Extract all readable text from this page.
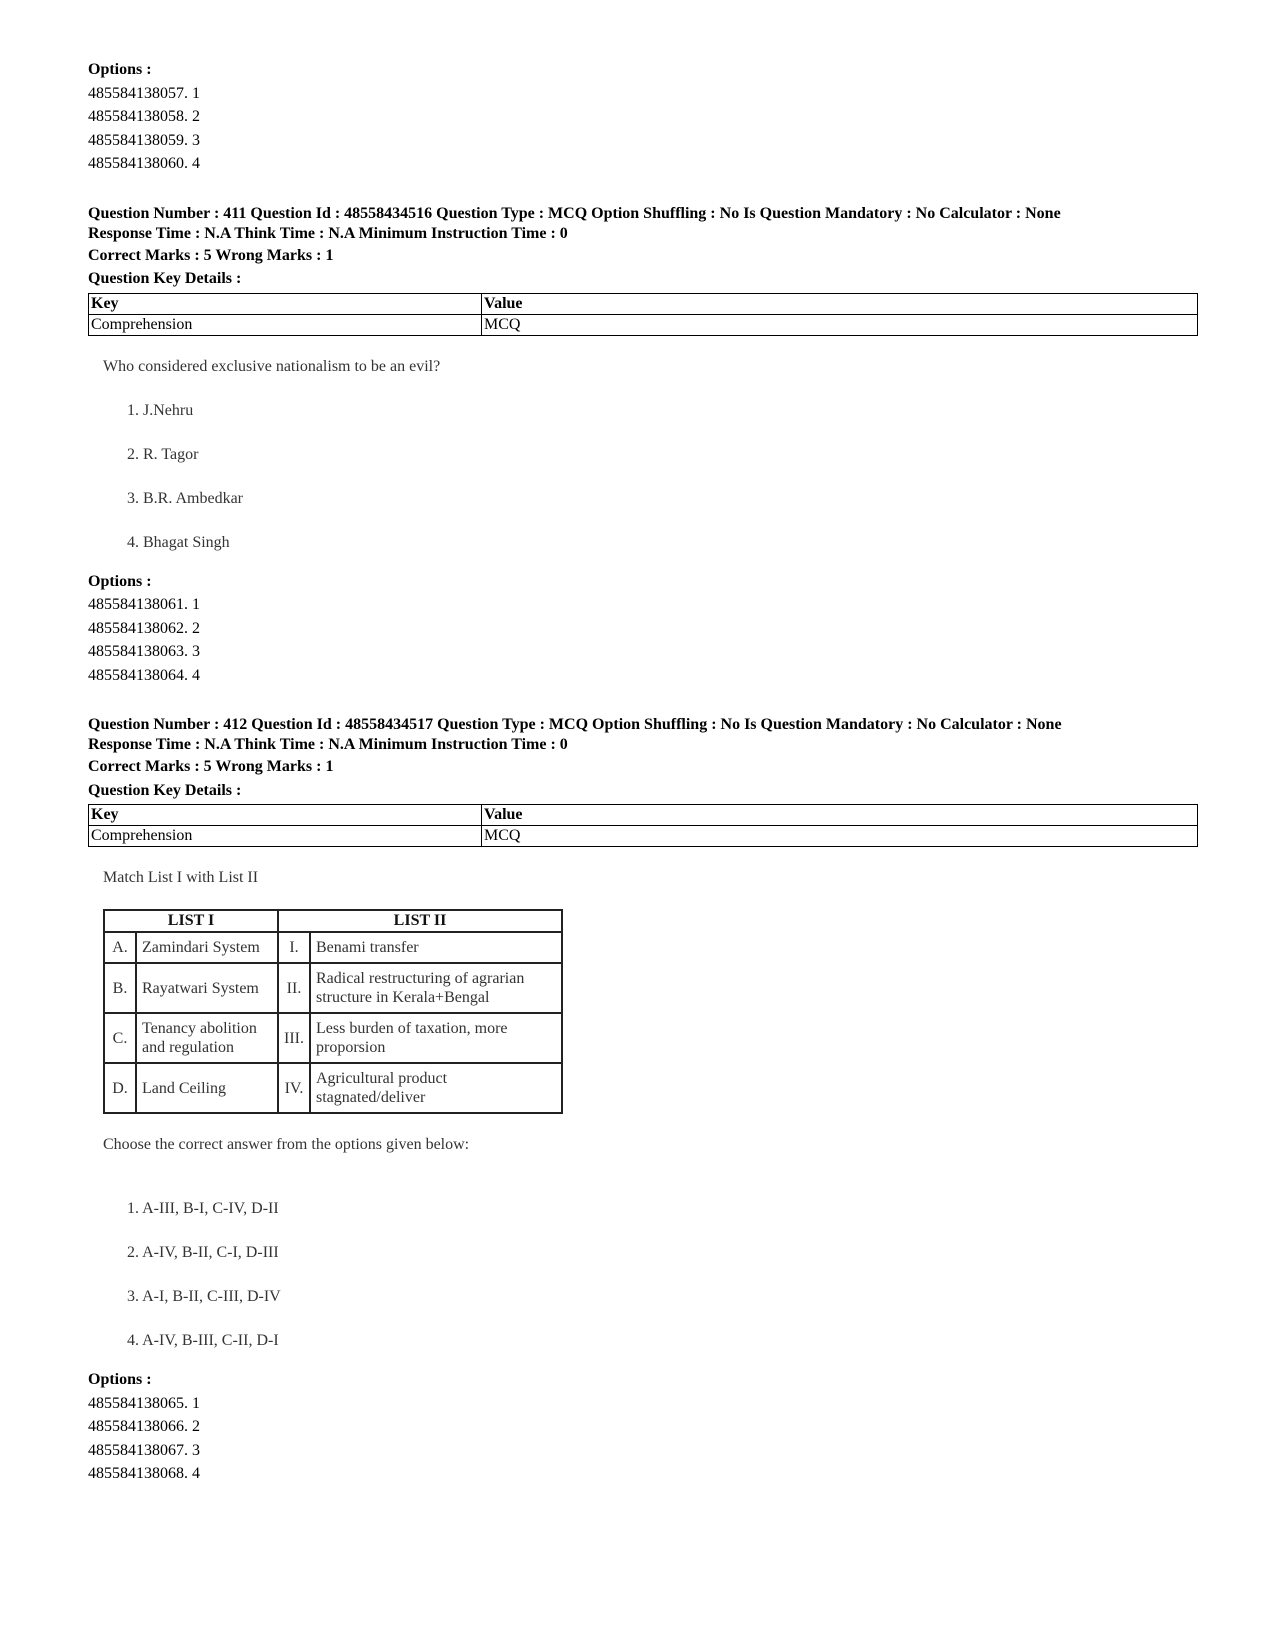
Options :

485584138057. 1

485584138058. 2

485584138059. 3

485584138060. 4

Question Number : 411 Question Id : 48558434516 Question Type : MCQ Option Shuffling : No Is Question Mandatory : No Calculator : None

Response Time : N.A Think Time : N.A Minimum Instruction Time : 0

Correct Marks : 5 Wrong Marks : 1

Question Key Details :

Key	Value
Comprehension	MCQ

Who considered exclusive nationalism to be an evil?

1. J.Nehru

2. R. Tagor

3. B.R. Ambedkar

4. Bhagat Singh

Options :

485584138061. 1

485584138062. 2

485584138063. 3

485584138064. 4

Question Number : 412 Question Id : 48558434517 Question Type : MCQ Option Shuffling : No Is Question Mandatory : No Calculator : None

Response Time : N.A Think Time : N.A Minimum Instruction Time : 0

Correct Marks : 5 Wrong Marks : 1

Question Key Details :

Key	Value
Comprehension	MCQ

Match List I with List II

LIST I		LIST II	
A.	Zamindari System	I.	Benami transfer
B.	Rayatwari System	II.	Radical restructuring of agrarian structure in Kerala+Bengal
C.	Tenancy abolition and regulation	III.	Less burden of taxation, more proporsion
D.	Land Ceiling	IV.	Agricultural product stagnated/deliver

Choose the correct answer from the options given below:

1. A-III, B-I, C-IV, D-II

2. A-IV, B-II, C-I, D-III

3. A-I, B-II, C-III, D-IV

4. A-IV, B-III, C-II, D-I

Options :

485584138065. 1

485584138066. 2

485584138067. 3

485584138068. 4
